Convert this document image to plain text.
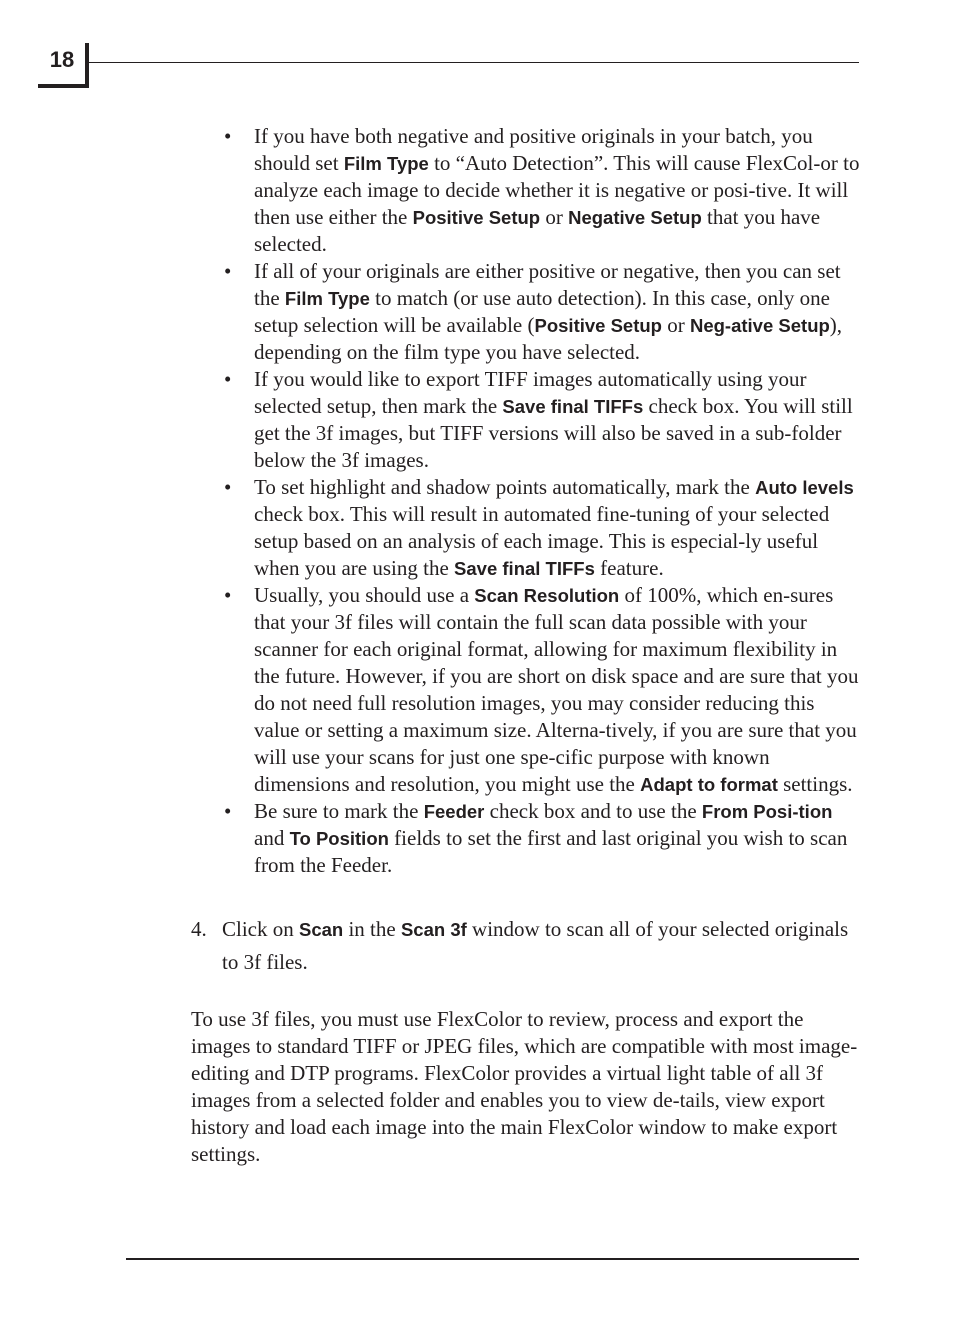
18
• If you have both negative and positive originals in your batch, you should set Film Type to “Auto Detection”. This will cause FlexCol-or to analyze each image to decide whether it is negative or posi-tive. It will then use either the Positive Setup or Negative Setup that you have selected.
• If all of your originals are either positive or negative, then you can set the Film Type to match (or use auto detection). In this case, only one setup selection will be available (Positive Setup or Neg-ative Setup), depending on the film type you have selected.
• If you would like to export TIFF images automatically using your selected setup, then mark the Save final TIFFs check box. You will still get the 3f images, but TIFF versions will also be saved in a sub-folder below the 3f images.
• To set highlight and shadow points automatically, mark the Auto levels check box. This will result in automated fine-tuning of your selected setup based on an analysis of each image. This is especial-ly useful when you are using the Save final TIFFs feature.
• Usually, you should use a Scan Resolution of 100%, which en-sures that your 3f files will contain the full scan data possible with your scanner for each original format, allowing for maximum flexibility in the future. However, if you are short on disk space and are sure that you do not need full resolution images, you may consider reducing this value or setting a maximum size. Alterna-tively, if you are sure that you will use your scans for just one spe-cific purpose with known dimensions and resolution, you might use the Adapt to format settings.
• Be sure to mark the Feeder check box and to use the From Posi-tion and To Position fields to set the first and last original you wish to scan from the Feeder.
4. Click on Scan in the Scan 3f window to scan all of your selected originals to 3f files.

To use 3f files, you must use FlexColor to review, process and export the images to standard TIFF or JPEG files, which are compatible with most image-editing and DTP programs. FlexColor provides a virtual light table of all 3f images from a selected folder and enables you to view de-tails, view export history and load each image into the main FlexColor window to make export settings.
